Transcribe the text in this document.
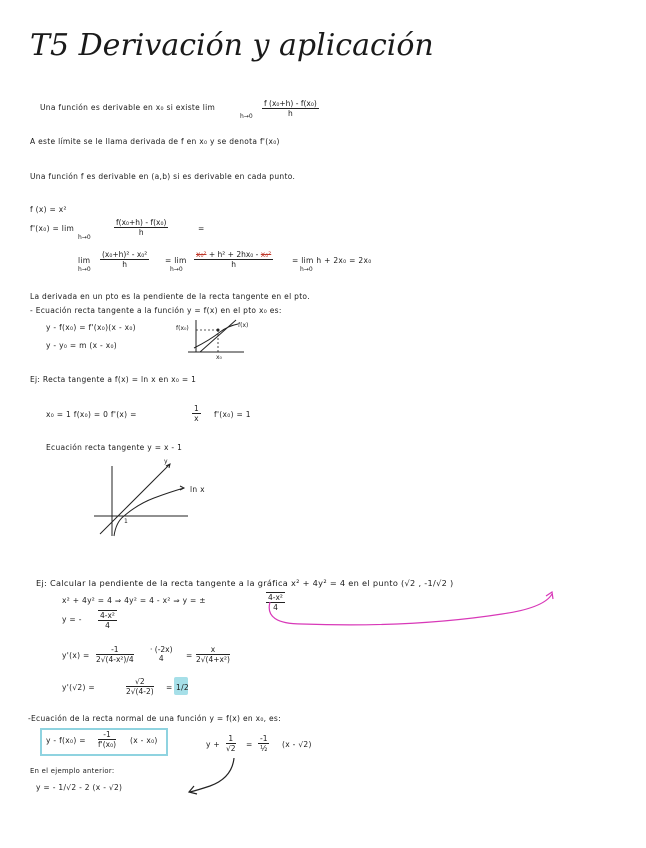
T5 Derivación y aplicación
Una función es derivable en x₀ si existe lim
$h\to 0 \frac{\text{f (x₀+h) - f(x₀)}}{h}$
A este límite se le llama derivada de f en x₀ y se denota f'(x₀)
Una función f es derivable en (a,b) si es derivable en cada punto.
f (x) = x²
f'(x₀) = lim
h→0
$\frac{\text{f(x₀+h) - f(x₀)}}{h}$	=
lim
h→0
$\frac{\text{(x₀+h)² - x₀²}}{h} = \lim$
h→0
$\frac{\text{x₀² + h² + 2hx₀ - x₀²}}{h}$	= lim h + 2x₀ = 2x₀
h→0
La derivada en un pto es la pendiente de la recta tangente en el pto.
- Ecuación recta tangente a la función y = f(x) en el pto x₀ es:
y - f(x₀) = f'(x₀)(x - x₀)
y - y₀ = m (x - x₀)
f(x₀)	f(x)
x₀
Ej: Recta tangente a f(x) = ln x en x₀ = 1
x₀ = 1 f(x₀) = 0 f'(x) =	$\frac{1}{x} f'(x_0) = 1$
Ecuación recta tangente y = x - 1
y
ln x
1
Ej: Calcular la pendiente de la recta tangente a la gráfica x² + 4y² = 4 en el punto (√2 , -1/√2 )
x² + 4y² = 4 ⇒ 4y² = 4 - x² ⇒ y = ±	$\frac{\text{4-x²}}{4}$
y = - $\frac{\text{4-x²}}{4}$
$y'(x) = \frac{-1}{\text{2√(4-x²)/4}} \cdot (-2x)$
4	= $\frac{x}{\text{2√(4+x²)}}$
y'(√2) =	$\frac{√2}{2√(4-2)} = 1/2$
-Ecuación de la recta normal de una función y = f(x) en x₀, es:
$y - f(x_0) = \frac{-1}{\text{f'(x₀)}} (x - x_0)$	$y + \frac{1}{√2}$ =
-1
½ (x - √2)
En el ejemplo anterior:
y = - 1/√2 - 2 (x - √2)
